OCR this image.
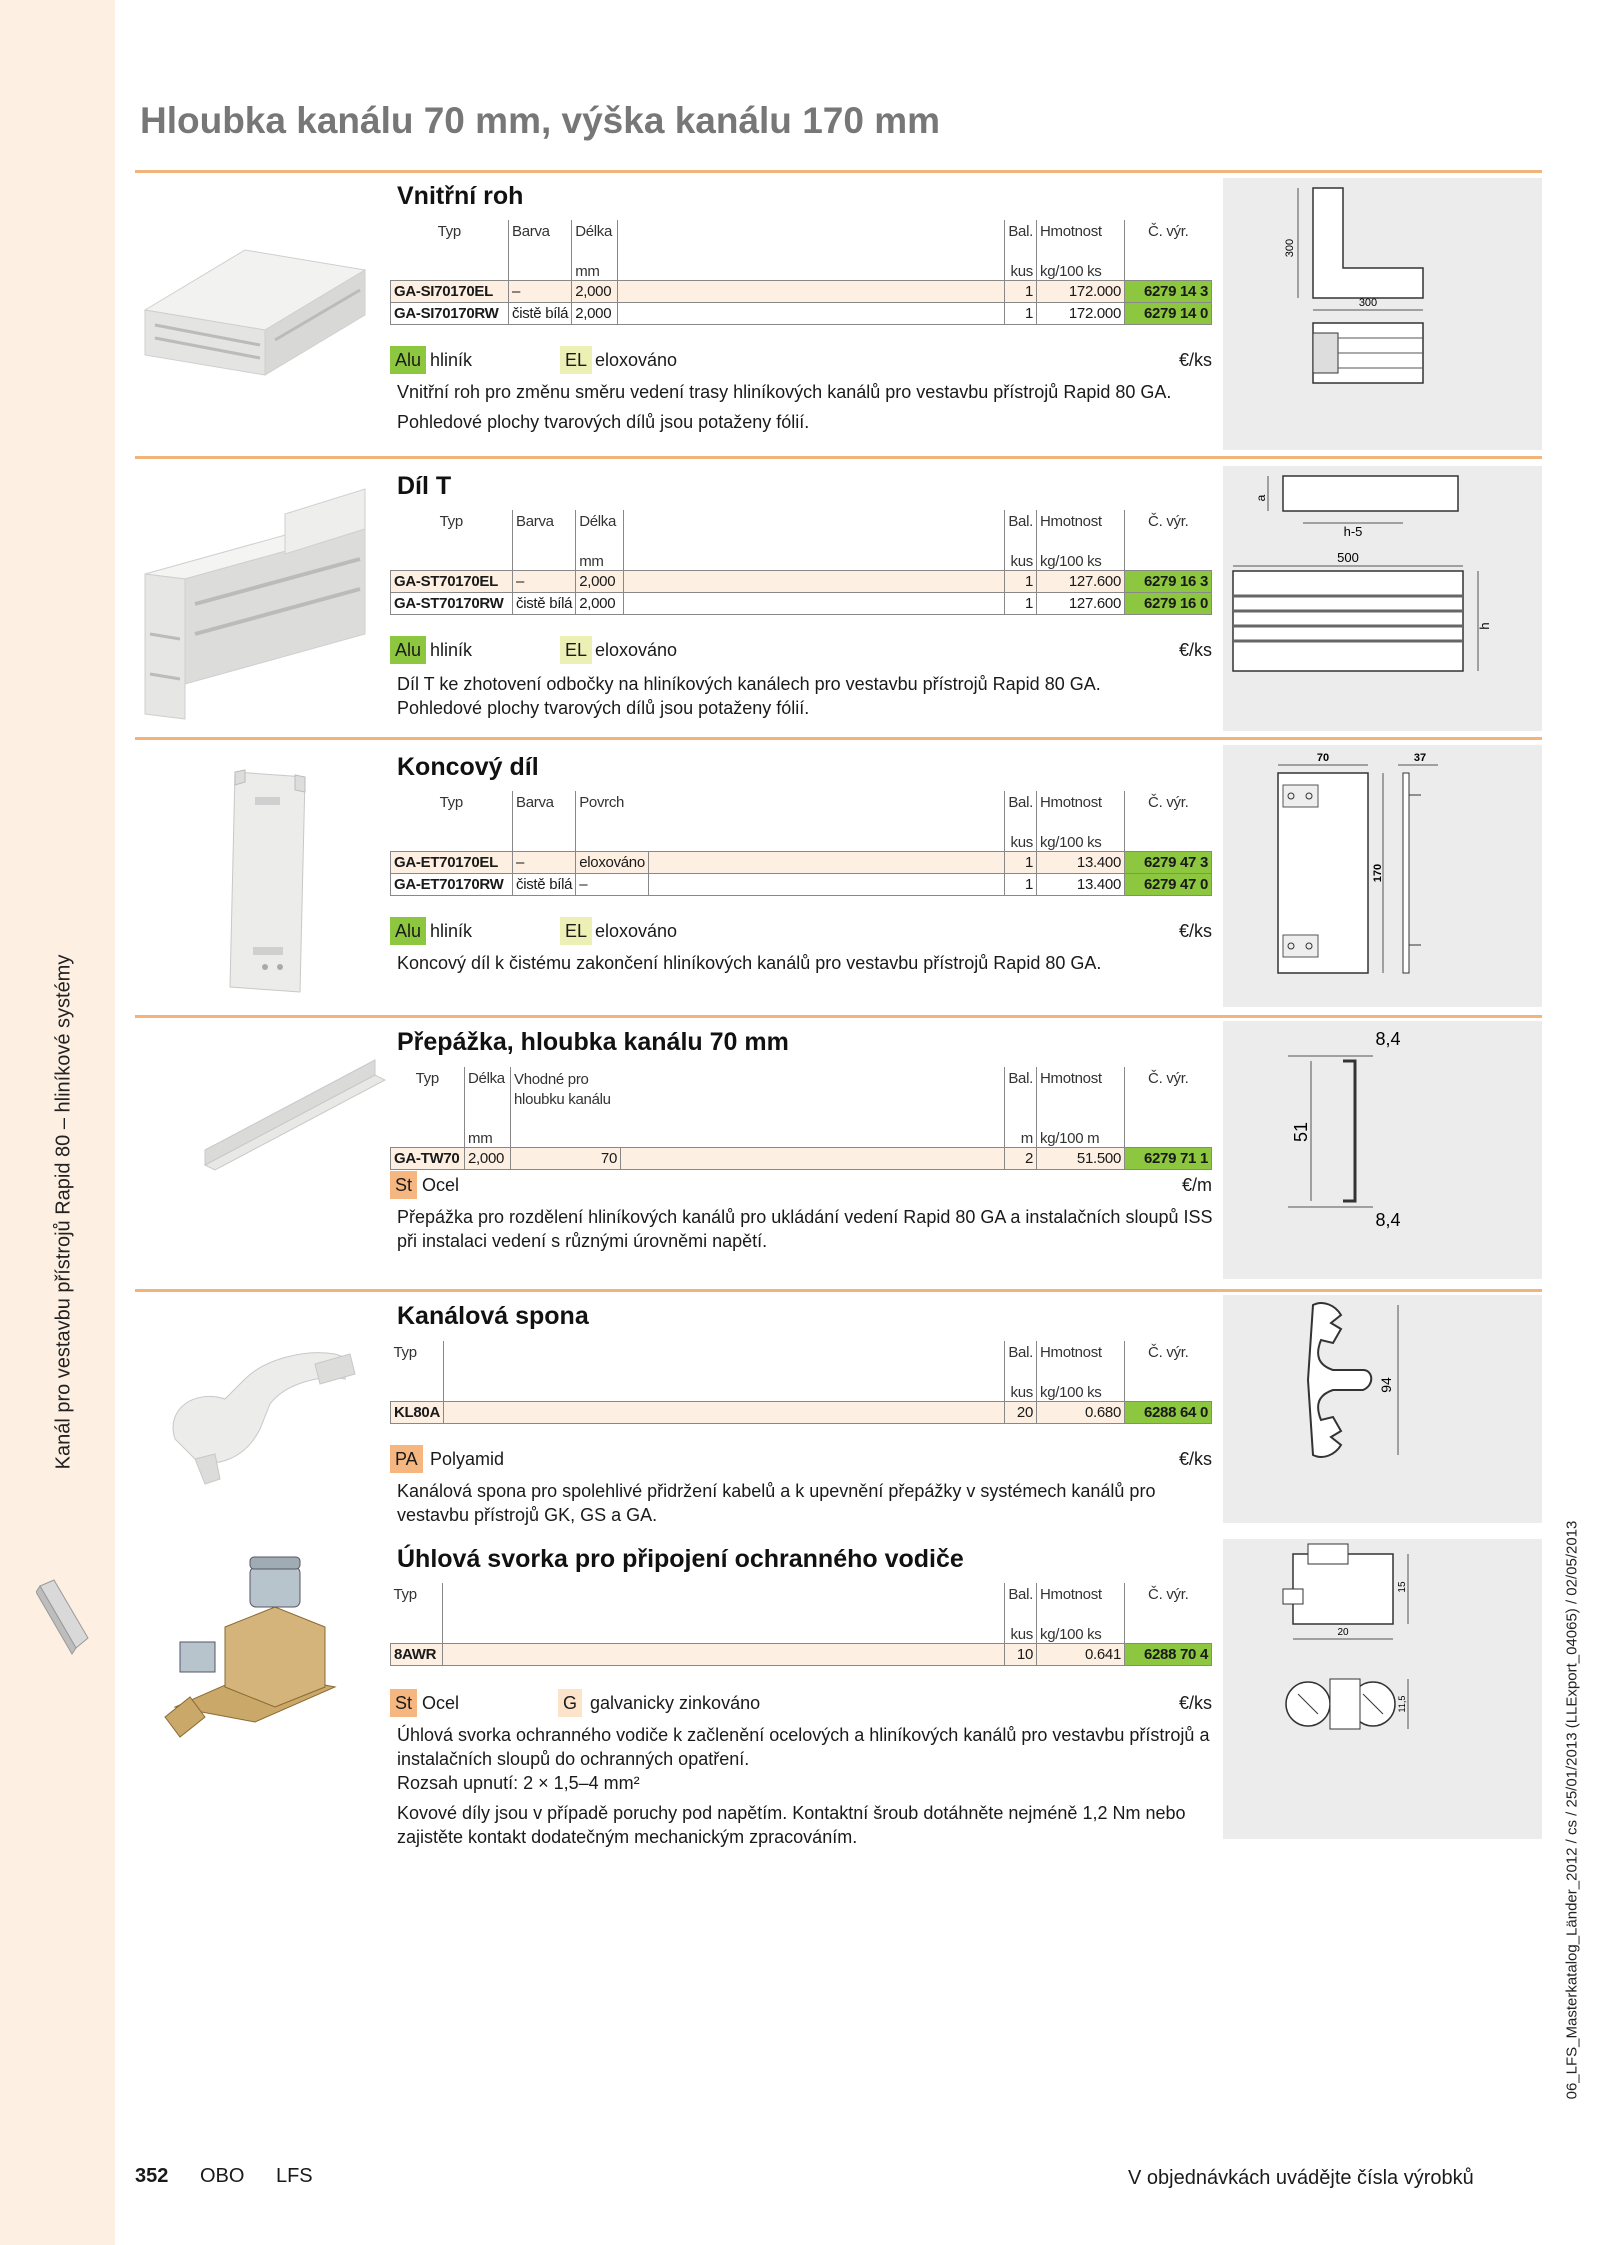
Kanál pro vestavbu přístrojů Rapid 80 – hliníkové systémy
06_LFS_Masterkatalog_Länder_2012 / cs / 25/01/2013 (LLExport_04065) / 02/05/2013
Hloubka kanálu 70 mm, výška kanálu 170 mm
Vnitřní roh
Typ	Barva	Délka		Bal.	Hmotnost	Č. výr.
		mm		kus	kg/100 ks	
GA-SI70170EL	–	2,000		1	172.000	6279 14 3
GA-SI70170RW	čistě bílá	2,000		1	172.000	6279 14 0
Alu hliník	EL eloxováno	€/ks

Vnitřní roh pro změnu směru vedení trasy hliníkových kanálů pro vestavbu přístrojů Rapid 80 GA.

Pohledové plochy tvarových dílů jsou potaženy fólií.

300
300
Díl T
Typ	Barva	Délka		Bal.	Hmotnost	Č. výr.
		mm		kus	kg/100 ks	
GA-ST70170EL	–	2,000		1	127.600	6279 16 3
GA-ST70170RW	čistě bílá	2,000		1	127.600	6279 16 0
Alu hliník	EL eloxováno	€/ks

Díl T ke zhotovení odbočky na hliníkových kanálech pro vestavbu přístrojů Rapid 80 GA.

Pohledové plochy tvarových dílů jsou potaženy fólií.

a
h-5
500
h
Koncový díl
Typ	Barva	Povrch		Bal.	Hmotnost	Č. výr.
				kus	kg/100 ks	
GA-ET70170EL	–	eloxováno		1	13.400	6279 47 3
GA-ET70170RW	čistě bílá	–		1	13.400	6279 47 0
Alu hliník	EL eloxováno	€/ks

Koncový díl k čistému zakončení hliníkových kanálů pro vestavbu přístrojů Rapid 80 GA.

70	37
170
Přepážka, hloubka kanálu 70 mm
Typ	Délka	Vhodné pro hloubku kanálu		Bal.	Hmotnost	Č. výr.
	mm			m	kg/100 m	
GA-TW70	2,000	70		2	51.500	6279 71 1
St Ocel	€/m

Přepážka pro rozdělení hliníkových kanálů pro ukládání vedení Rapid 80 GA a instalačních sloupů ISS při instalaci vedení s různými úrovněmi napětí.

8,4
51
8,4
Kanálová spona
Typ		Bal.	Hmotnost	Č. výr.
		kus	kg/100 ks	
KL80A		20	0.680	6288 64 0
PA Polyamid	€/ks

Kanálová spona pro spolehlivé přidržení kabelů a k upevnění přepážky v systémech kanálů pro vestavbu přístrojů GK, GS a GA.

94
Úhlová svorka pro připojení ochranného vodiče
Typ		Bal.	Hmotnost	Č. výr.
		kus	kg/100 ks	
8AWR		10	0.641	6288 70 4
St Ocel	G galvanicky zinkováno	€/ks

Úhlová svorka ochranného vodiče k začlenění ocelových a hliníkových kanálů pro vestavbu přístrojů a instalačních sloupů do ochranných opatření.

Rozsah upnutí: 2 × 1,5–4 mm²

Kovové díly jsou v případě poruchy pod napětím. Kontaktní šroub dotáhněte nejméně 1,2 Nm nebo zajistěte kontakt dodatečným mechanickým zpracováním.

15
20
11,5
352 OBO LFS	V objednávkách uvádějte čísla výrobků
